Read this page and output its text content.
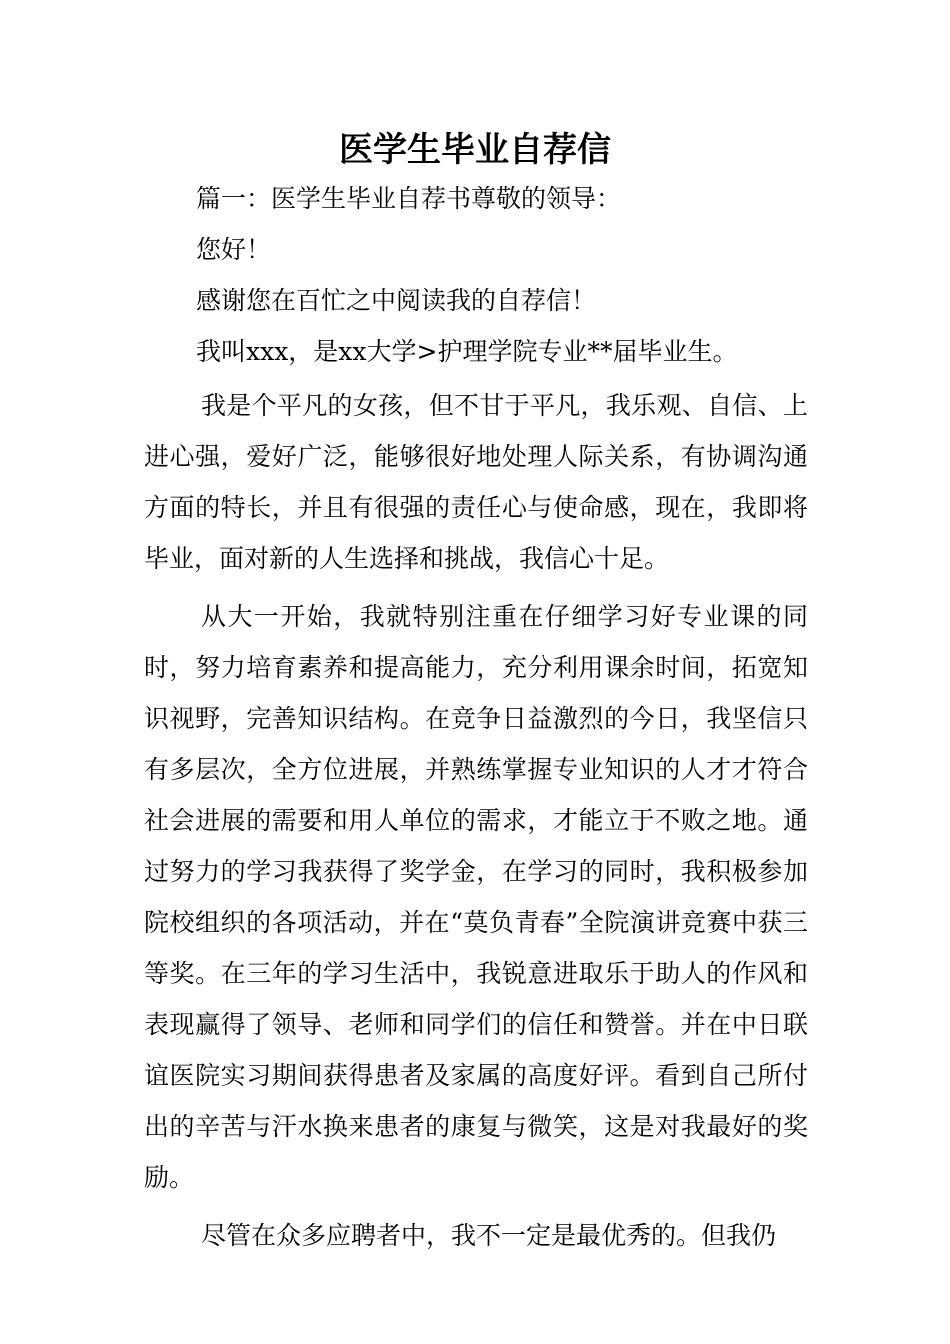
医学生毕业自荐信

篇一：医学生毕业自荐书尊敬的领导：

您好！

感谢您在百忙之中阅读我的自荐信！

我叫xxx，是xx大学>护理学院专业**届毕业生。

我是个平凡的女孩，但不甘于平凡，我乐观、自信、上进心强，爱好广泛，能够很好地处理人际关系，有协调沟通方面的特长，并且有很强的责任心与使命感，现在，我即将毕业，面对新的人生选择和挑战，我信心十足。

从大一开始，我就特别注重在仔细学习好专业课的同时，努力培育素养和提高能力，充分利用课余时间，拓宽知识视野，完善知识结构。在竞争日益激烈的今日，我坚信只有多层次，全方位进展，并熟练掌握专业知识的人才才符合社会进展的需要和用人单位的需求，才能立于不败之地。通过努力的学习我获得了奖学金，在学习的同时，我积极参加院校组织的各项活动，并在“莫负青春”全院演讲竞赛中获三等奖。在三年的学习生活中，我锐意进取乐于助人的作风和表现赢得了领导、老师和同学们的信任和赞誉。并在中日联谊医院实习期间获得患者及家属的高度好评。看到自己所付出的辛苦与汗水换来患者的康复与微笑，这是对我最好的奖励。

尽管在众多应聘者中，我不一定是最优秀的。但我仍
